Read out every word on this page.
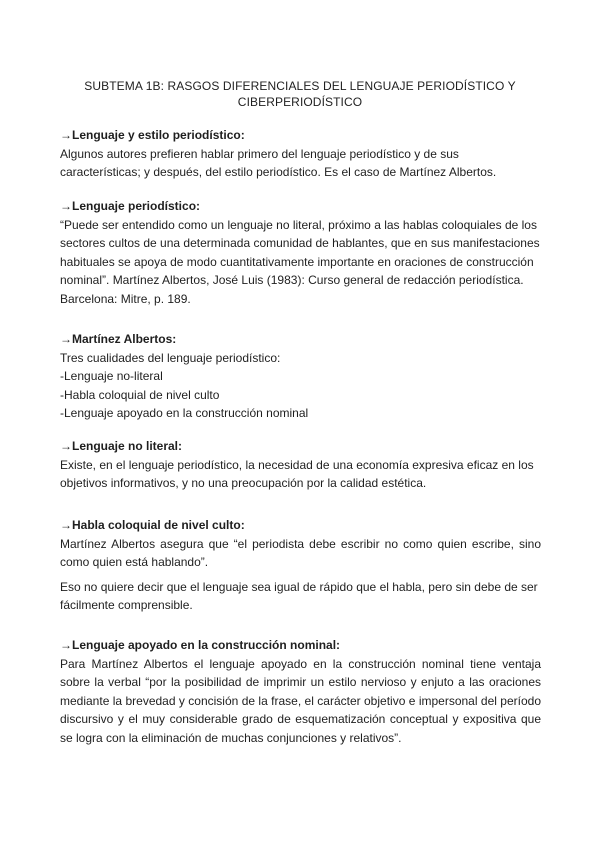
SUBTEMA 1B: RASGOS DIFERENCIALES DEL LENGUAJE PERIODÍSTICO Y
CIBERPERIODÍSTICO
→Lenguaje y estilo periodístico:

Algunos autores prefieren hablar primero del lenguaje periodístico y de sus características; y después, del estilo periodístico. Es el caso de Martínez Albertos.

→Lenguaje periodístico:

“Puede ser entendido como un lenguaje no literal, próximo a las hablas coloquiales de los sectores cultos de una determinada comunidad de hablantes, que en sus manifestaciones habituales se apoya de modo cuantitativamente importante en oraciones de construcción nominal”. Martínez Albertos, José Luis (1983): Curso general de redacción periodística. Barcelona: Mitre, p. 189.

→Martínez Albertos:

Tres cualidades del lenguaje periodístico:

-Lenguaje no-literal
-Habla coloquial de nivel culto
-Lenguaje apoyado en la construcción nominal
→Lenguaje no literal:

Existe, en el lenguaje periodístico, la necesidad de una economía expresiva eficaz en los objetivos informativos, y no una preocupación por la calidad estética.

→Habla coloquial de nivel culto:

Martínez Albertos asegura que “el periodista debe escribir no como quien escribe, sino como quien está hablando”.

Eso no quiere decir que el lenguaje sea igual de rápido que el habla, pero sin debe de ser fácilmente comprensible.

→Lenguaje apoyado en la construcción nominal:

Para Martínez Albertos el lenguaje apoyado en la construcción nominal tiene ventaja sobre la verbal “por la posibilidad de imprimir un estilo nervioso y enjuto a las oraciones mediante la brevedad y concisión de la frase, el carácter objetivo e impersonal del período discursivo y el muy considerable grado de esquematización conceptual y expositiva que se logra con la eliminación de muchas conjunciones y relativos”.
